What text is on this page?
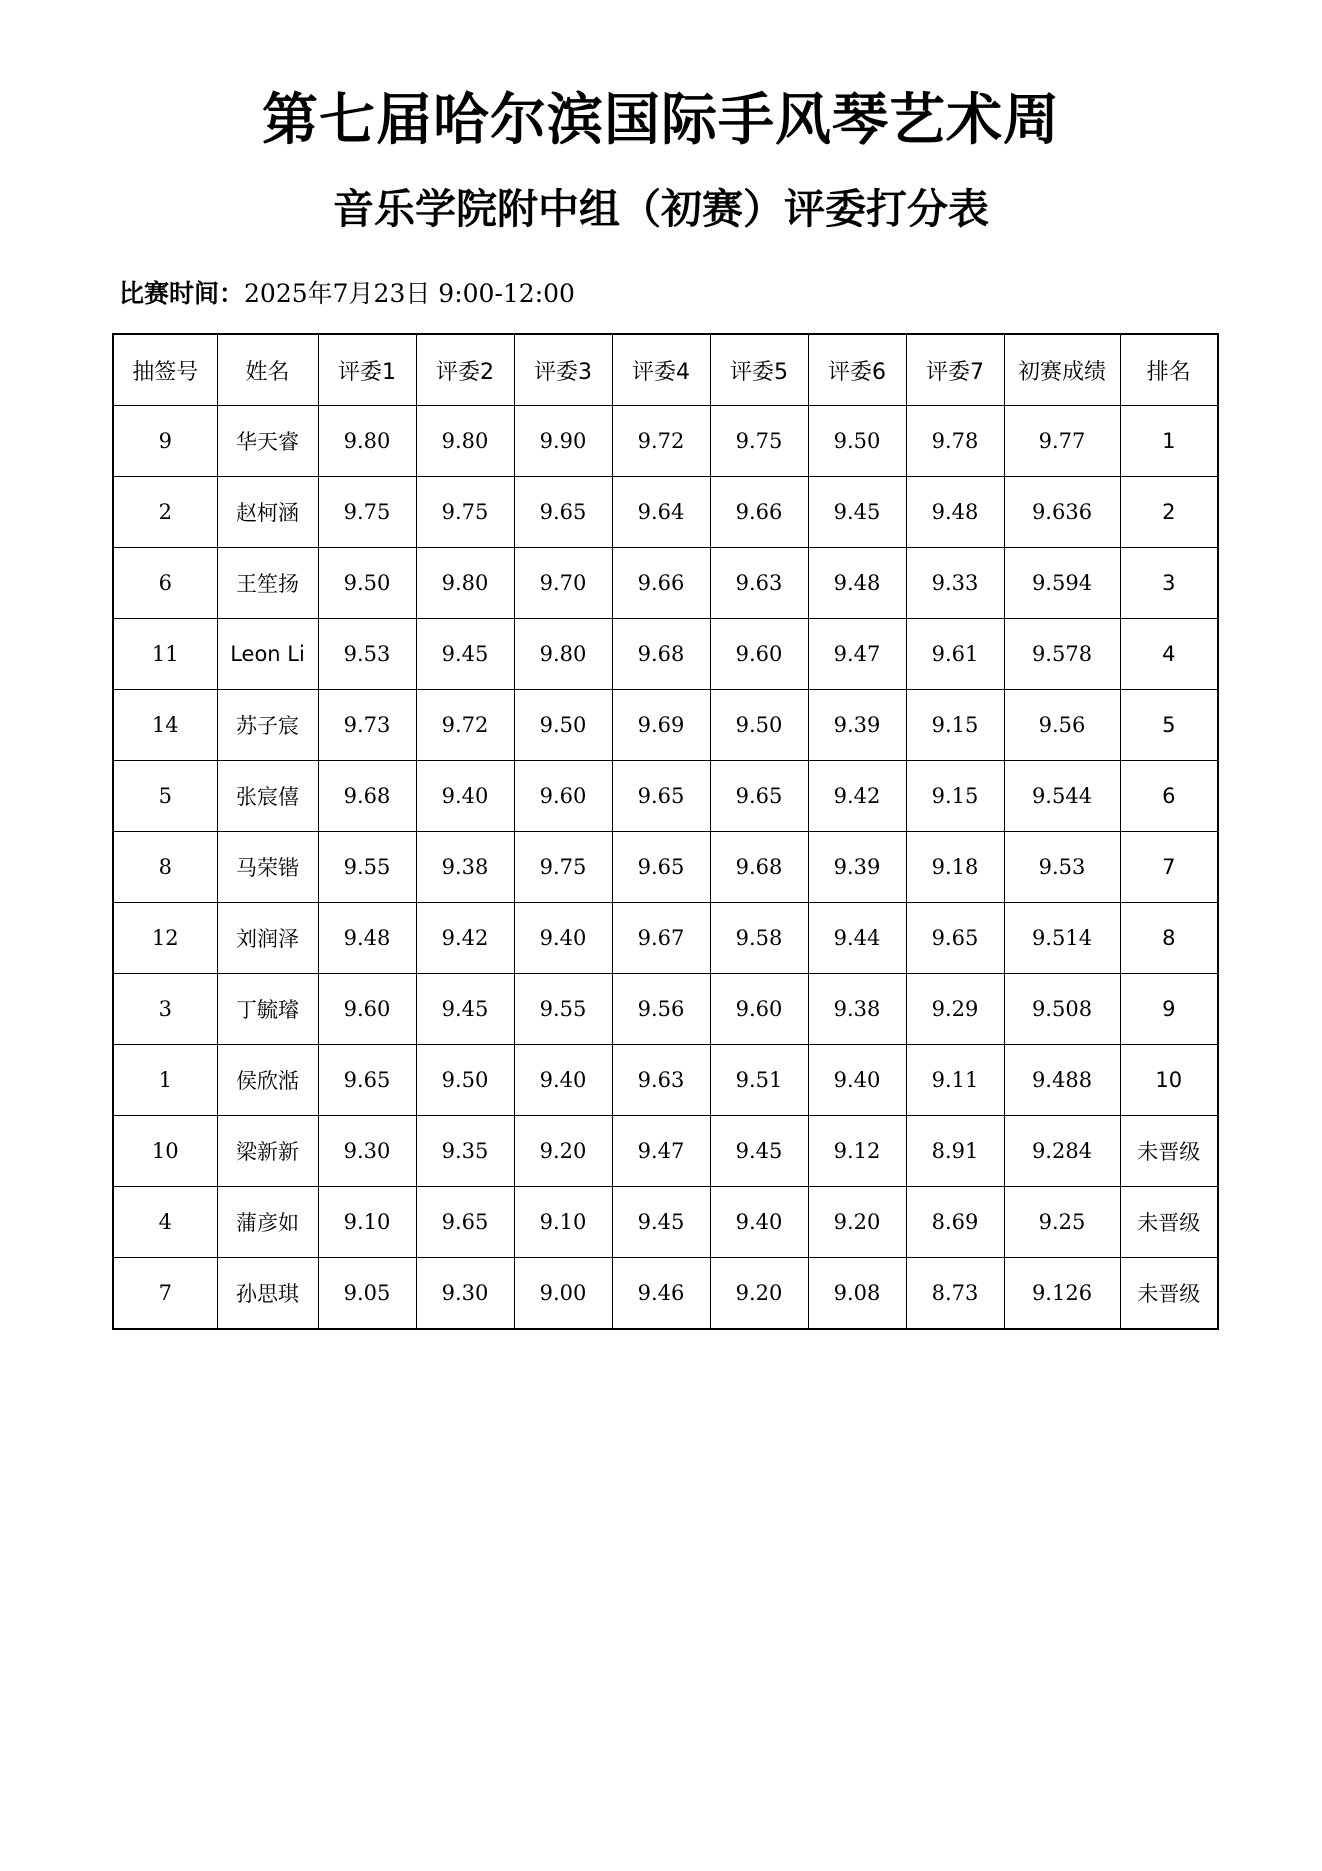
第七届哈尔滨国际手风琴艺术周
音乐学院附中组（初赛）评委打分表
比赛时间：2025年7月23日 9:00-12:00
抽签号	姓名	评委1	评委2	评委3	评委4	评委5	评委6	评委7	初赛成绩	排名
9	华天睿	9.80	9.80	9.90	9.72	9.75	9.50	9.78	9.77	1
2	赵柯涵	9.75	9.75	9.65	9.64	9.66	9.45	9.48	9.636	2
6	王笙扬	9.50	9.80	9.70	9.66	9.63	9.48	9.33	9.594	3
11	Leon Li	9.53	9.45	9.80	9.68	9.60	9.47	9.61	9.578	4
14	苏子宸	9.73	9.72	9.50	9.69	9.50	9.39	9.15	9.56	5
5	张宸僖	9.68	9.40	9.60	9.65	9.65	9.42	9.15	9.544	6
8	马荣锴	9.55	9.38	9.75	9.65	9.68	9.39	9.18	9.53	7
12	刘润泽	9.48	9.42	9.40	9.67	9.58	9.44	9.65	9.514	8
3	丁毓璿	9.60	9.45	9.55	9.56	9.60	9.38	9.29	9.508	9
1	侯欣湉	9.65	9.50	9.40	9.63	9.51	9.40	9.11	9.488	10
10	梁新新	9.30	9.35	9.20	9.47	9.45	9.12	8.91	9.284	未晋级
4	蒲彦如	9.10	9.65	9.10	9.45	9.40	9.20	8.69	9.25	未晋级
7	孙思琪	9.05	9.30	9.00	9.46	9.20	9.08	8.73	9.126	未晋级
